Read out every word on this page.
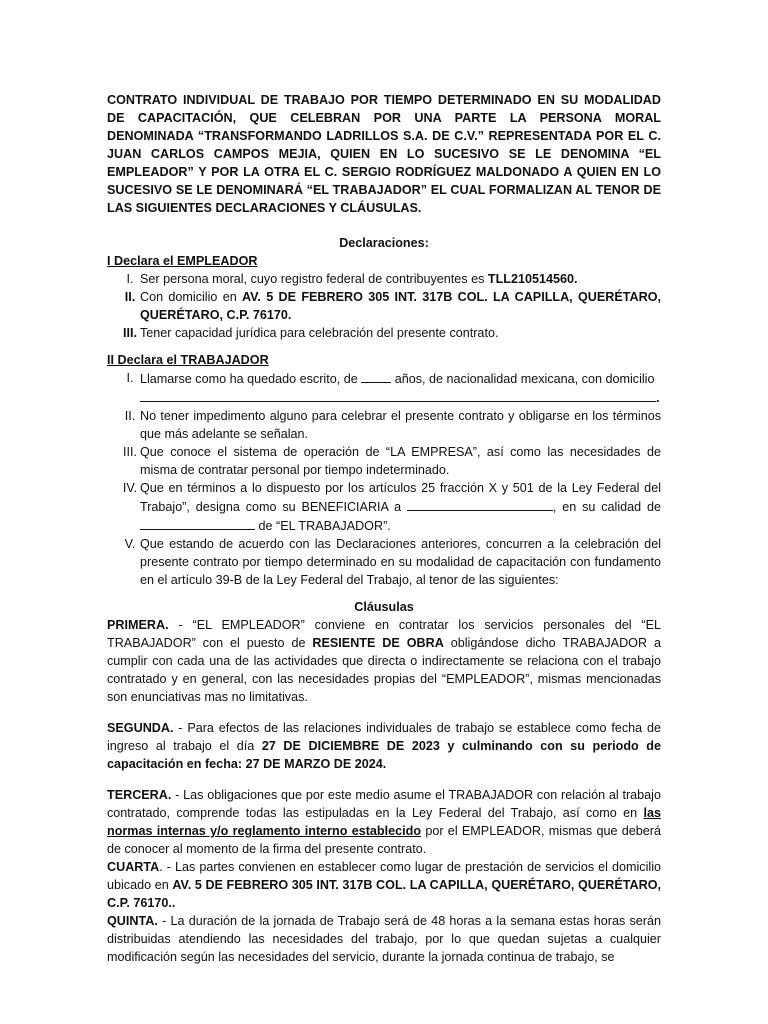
CONTRATO INDIVIDUAL DE TRABAJO POR TIEMPO DETERMINADO EN SU MODALIDAD DE CAPACITACIÓN, QUE CELEBRAN POR UNA PARTE LA PERSONA MORAL DENOMINADA “TRANSFORMANDO LADRILLOS S.A. DE C.V.” REPRESENTADA POR EL C. JUAN CARLOS CAMPOS MEJIA, QUIEN EN LO SUCESIVO SE LE DENOMINA “EL EMPLEADOR” Y POR LA OTRA EL C. SERGIO RODRÍGUEZ MALDONADO A QUIEN EN LO SUCESIVO SE LE DENOMINARÁ “EL TRABAJADOR” EL CUAL FORMALIZAN AL TENOR DE LAS SIGUIENTES DECLARACIONES Y CLÁUSULAS.

Declaraciones:

I Declara el EMPLEADOR

I. Ser persona moral, cuyo registro federal de contribuyentes es TLL210514560.
II. Con domicilio en AV. 5 DE FEBRERO 305 INT. 317B COL. LA CAPILLA, QUERÉTARO, QUERÉTARO, C.P. 76170.
III. Tener capacidad jurídica para celebración del presente contrato.

II Declara el TRABAJADOR

I. Llamarse como ha quedado escrito, de  años, de nacionalidad mexicana, con domicilio
.
II. No tener impedimento alguno para celebrar el presente contrato y obligarse en los términos que más adelante se señalan.
III. Que conoce el sistema de operación de “LA EMPRESA”, así como las necesidades de misma de contratar personal por tiempo indeterminado.
IV. Que en términos a lo dispuesto por los artículos 25 fracción X y 501 de la Ley Federal del Trabajo”, designa como su BENEFICIARIA a	, en su calidad de de “EL TRABAJADOR”.
V. Que estando de acuerdo con las Declaraciones anteriores, concurren a la celebración del presente contrato por tiempo determinado en su modalidad de capacitación con fundamento en el artículo 39-B de la Ley Federal del Trabajo, al tenor de las siguientes:

Cláusulas

PRIMERA. - “EL EMPLEADOR” conviene en contratar los servicios personales del “EL TRABAJADOR” con el puesto de RESIENTE DE OBRA obligándose dicho TRABAJADOR a cumplir con cada una de las actividades que directa o indirectamente se relaciona con el trabajo contratado y en general, con las necesidades propias del “EMPLEADOR”, mismas mencionadas son enunciativas mas no limitativas.

SEGUNDA. - Para efectos de las relaciones individuales de trabajo se establece como fecha de ingreso al trabajo el día 27 DE DICIEMBRE DE 2023 y culminando con su periodo de capacitación en fecha: 27 DE MARZO DE 2024.

TERCERA. - Las obligaciones que por este medio asume el TRABAJADOR con relación al trabajo contratado, comprende todas las estipuladas en la Ley Federal del Trabajo, así como en las normas internas y/o reglamento interno establecido por el EMPLEADOR, mismas que deberá de conocer al momento de la firma del presente contrato.

CUARTA. - Las partes convienen en establecer como lugar de prestación de servicios el domicilio ubicado en AV. 5 DE FEBRERO 305 INT. 317B COL. LA CAPILLA, QUERÉTARO, QUERÉTARO, C.P. 76170..

QUINTA. - La duración de la jornada de Trabajo será de 48 horas a la semana estas horas serán distribuidas atendiendo las necesidades del trabajo, por lo que quedan sujetas a cualquier modificación según las necesidades del servicio, durante la jornada continua de trabajo, se
